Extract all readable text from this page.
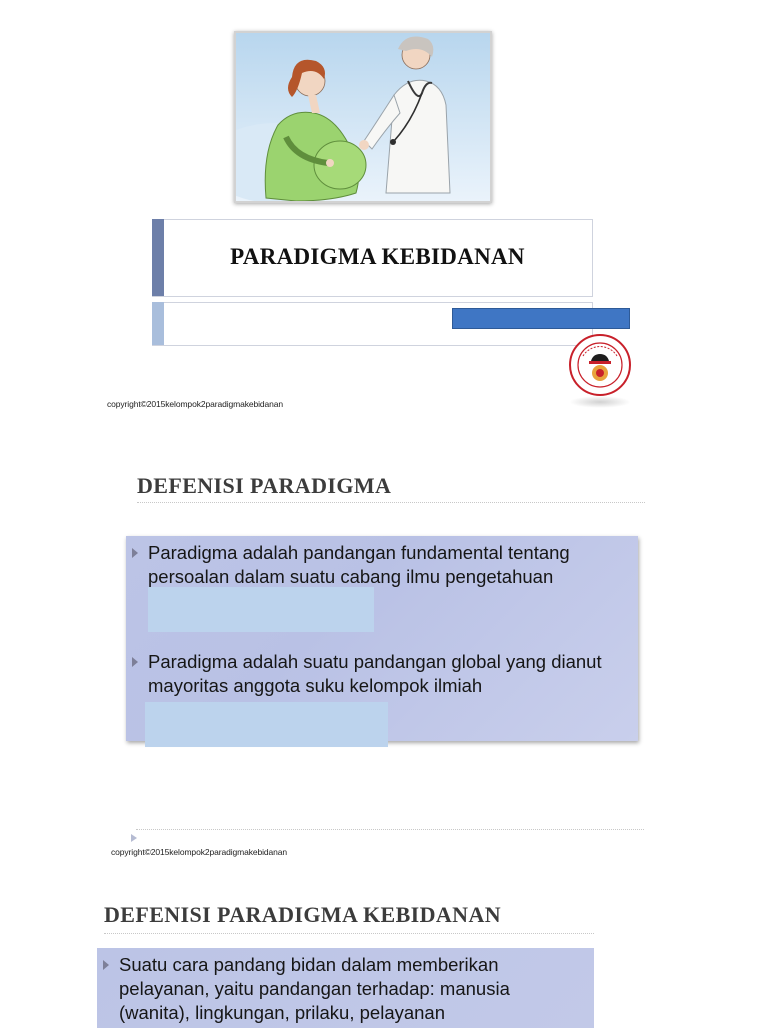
PARADIGMA KEBIDANAN
copyright©2015kelompok2paradigmakebidanan
DEFENISI PARADIGMA
Paradigma adalah pandangan fundamental tentang persoalan dalam suatu cabang ilmu pengetahuan
Paradigma adalah suatu pandangan global yang dianut mayoritas anggota suku kelompok ilmiah
copyright©2015kelompok2paradigmakebidanan
DEFENISI PARADIGMA KEBIDANAN
Suatu cara pandang bidan dalam memberikan pelayanan, yaitu pandangan terhadap: manusia (wanita), lingkungan, prilaku, pelayanan
